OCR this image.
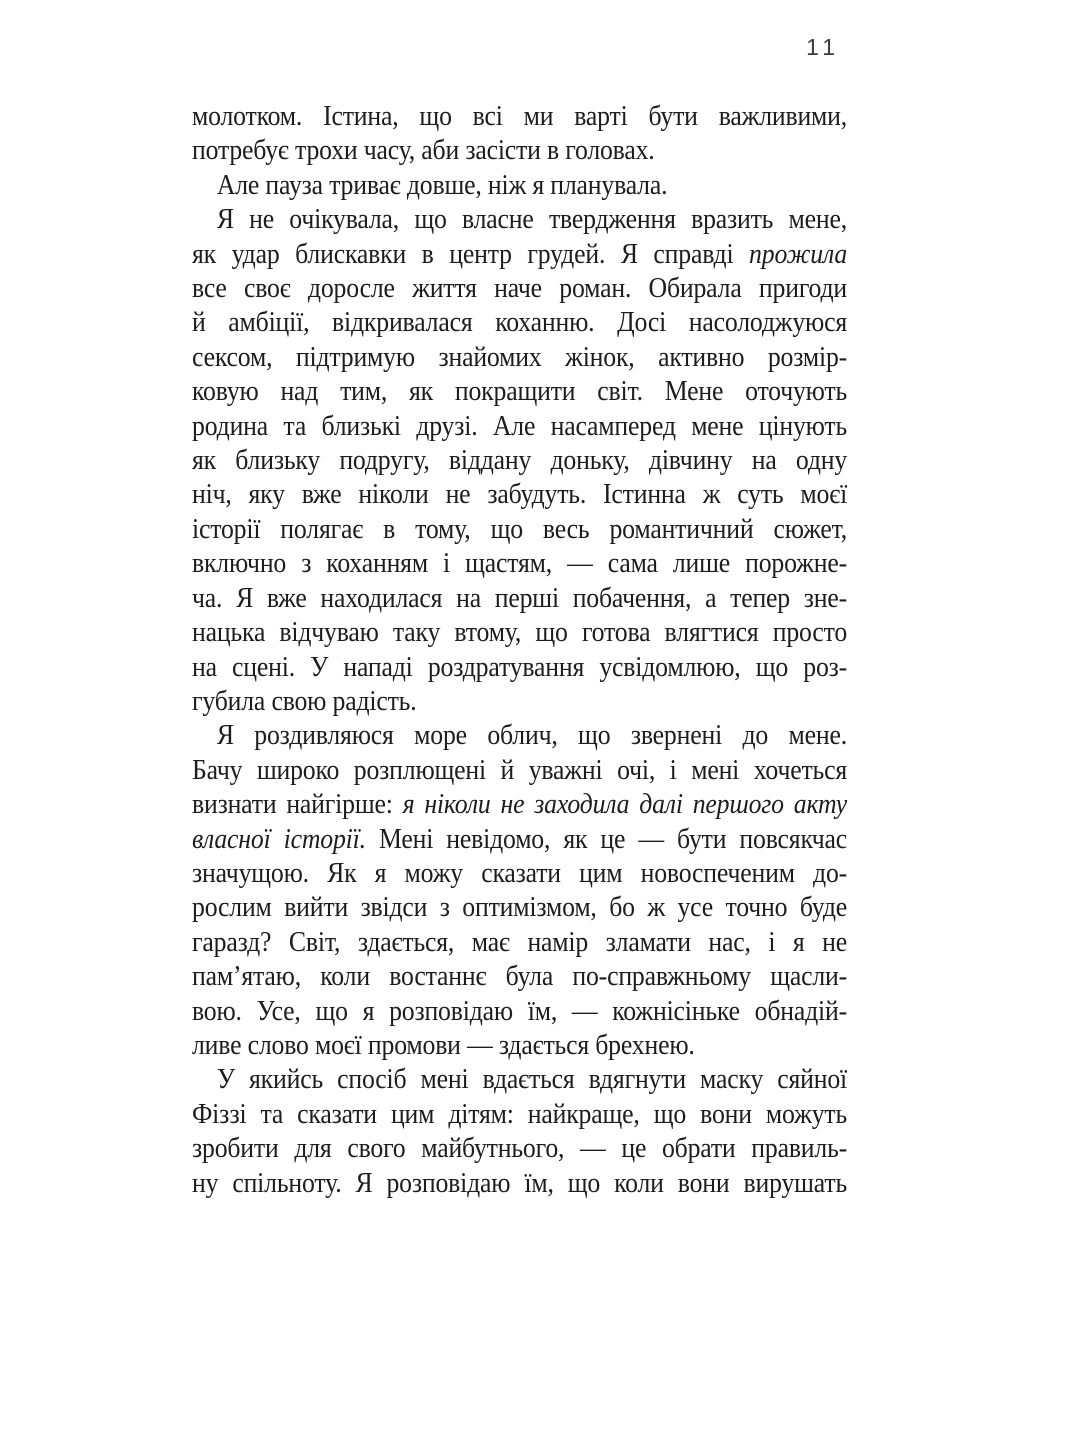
11
молотком. Істина, що всі ми варті бути важливими,
потребує трохи часу, аби засісти в головах.
Але пауза триває довше, ніж я планувала.
Я не очікувала, що власне твердження вразить мене,
як удар блискавки в центр грудей. Я справді прожила
все своє доросле життя наче роман. Обирала пригоди
й амбіції, відкривалася коханню. Досі насолоджуюся
сексом, підтримую знайомих жінок, активно розмір-
ковую над тим, як покращити світ. Мене оточують
родина та близькі друзі. Але насамперед мене цінують
як близьку подругу, віддану доньку, дівчину на одну
ніч, яку вже ніколи не забудуть. Істинна ж суть моєї
історії полягає в тому, що весь романтичний сюжет,
включно з коханням і щастям, — сама лише порожне-
ча. Я вже находилася на перші побачення, а тепер зне-
нацька відчуваю таку втому, що готова влягтися просто
на сцені. У нападі роздратування усвідомлюю, що роз-
губила свою радість.
Я роздивляюся море облич, що звернені до мене.
Бачу широко розплющені й уважні очі, і мені хочеться
визнати найгірше: я ніколи не заходила далі першого акту
власної історії. Мені невідомо, як це — бути повсякчас
значущою. Як я можу сказати цим новоспеченим до-
рослим вийти звідси з оптимізмом, бо ж усе точно буде
гаразд? Світ, здається, має намір зламати нас, і я не
пам’ятаю, коли востаннє була по-справжньому щасли-
вою. Усе, що я розповідаю їм, — кожнісіньке обнадій-
ливе слово моєї промови — здається брехнею.
У якийсь спосіб мені вдається вдягнути маску сяйної
Фіззі та сказати цим дітям: найкраще, що вони можуть
зробити для свого майбутнього, — це обрати правиль-
ну спільноту. Я розповідаю їм, що коли вони вирушать
